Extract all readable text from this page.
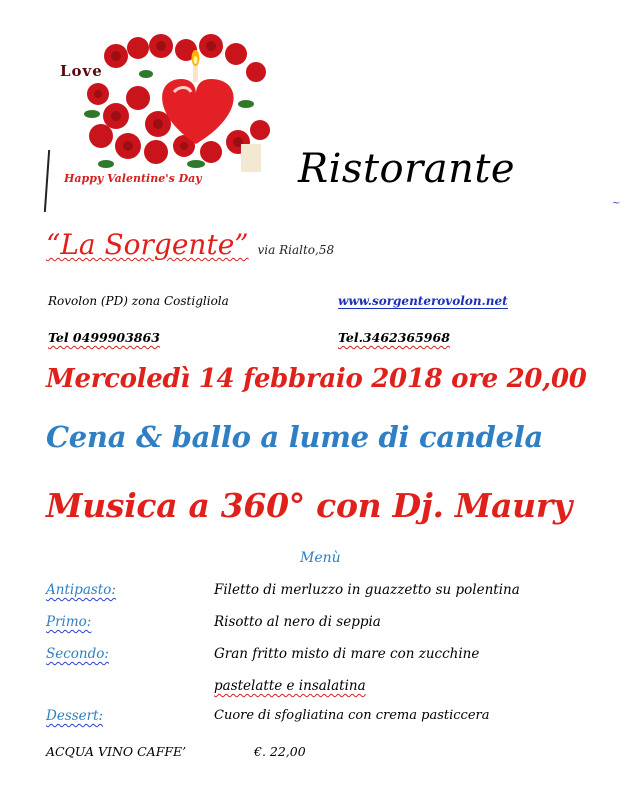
Love
Happy Valentine's Day Ristorante
~
“La Sorgente” via Rialto,58
Rovolon (PD) zona Costigliola	www.sorgenterovolon.net
Tel 0499903863	Tel.3462365968
Mercoledì 14 febbraio 2018 ore 20,00
Cena & ballo a lume di candela
Musica a 360° con Dj. Maury
Menù
Antipasto:	Filetto di merluzzo in guazzetto su polentina
Primo:	Risotto al nero di seppia
Secondo:	Gran fritto misto di mare con zucchine
pastelatte e insalatina
Dessert:	Cuore di sfogliatina con crema pasticcera
ACQUA VINO CAFFE’	€. 22,00
